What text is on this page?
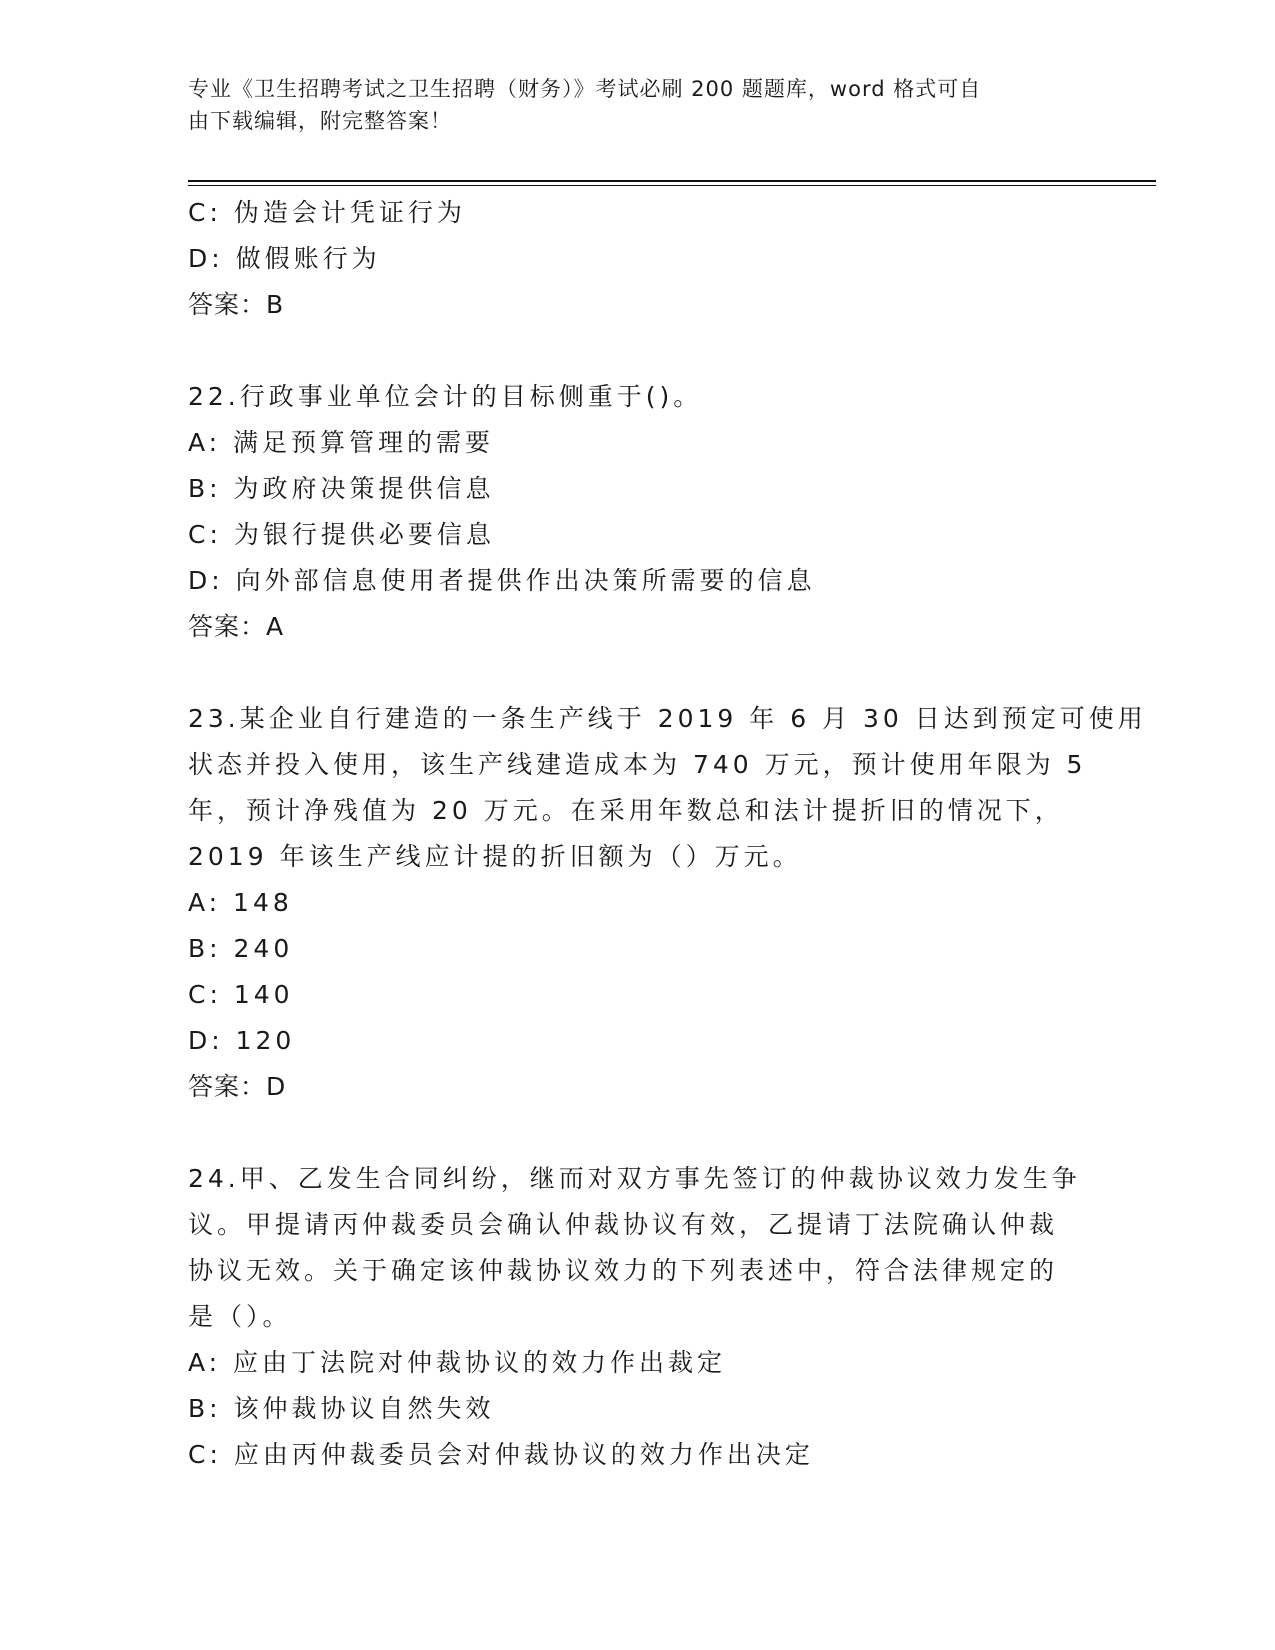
专业《卫生招聘考试之卫生招聘（财务）》考试必刷 200 题题库，word 格式可自
由下载编辑，附完整答案！
C: 伪造会计凭证行为
D: 做假账行为
答案：B
22.行政事业单位会计的目标侧重于()。
A: 满足预算管理的需要
B: 为政府决策提供信息
C: 为银行提供必要信息
D: 向外部信息使用者提供作出决策所需要的信息
答案：A
23.某企业自行建造的一条生产线于 2019 年 6 月 30 日达到预定可使用
状态并投入使用，该生产线建造成本为 740 万元，预计使用年限为 5
年，预计净残值为 20 万元。在采用年数总和法计提折旧的情况下，
2019 年该生产线应计提的折旧额为（）万元。
A: 148
B: 240
C: 140
D: 120
答案：D
24.甲、乙发生合同纠纷，继而对双方事先签订的仲裁协议效力发生争
议。甲提请丙仲裁委员会确认仲裁协议有效，乙提请丁法院确认仲裁
协议无效。关于确定该仲裁协议效力的下列表述中，符合法律规定的
是（）。
A: 应由丁法院对仲裁协议的效力作出裁定
B: 该仲裁协议自然失效
C: 应由丙仲裁委员会对仲裁协议的效力作出决定
